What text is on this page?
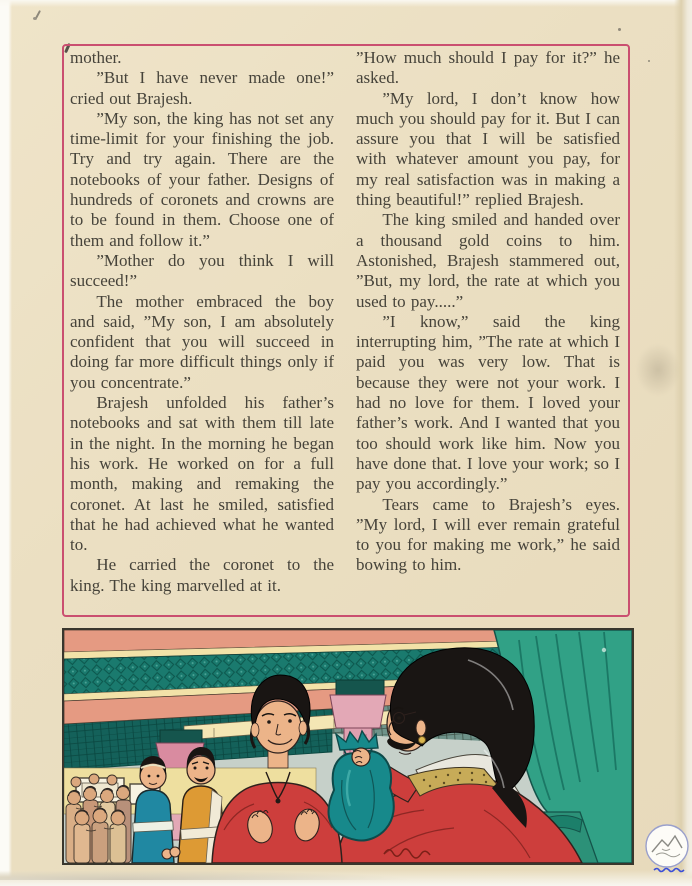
mother.

”But I have never made one!” cried out Brajesh.

”My son, the king has not set any time-limit for your finishing the job. Try and try again. There are the notebooks of your father. Designs of hundreds of coronets and crowns are to be found in them. Choose one of them and follow it.”

”Mother do you think I will succeed!”

The mother embraced the boy and said, ”My son, I am absolutely confident that you will succeed in doing far more difficult things only if you concentrate.”

Brajesh unfolded his father’s notebooks and sat with them till late in the night. In the morning he began his work. He worked on for a full month, making and remaking the coronet. At last he smiled, satisfied that he had achieved what he wanted to.

He carried the coronet to the king. The king marvelled at it.

”How much should I pay for it?” he asked.

”My lord, I don’t know how much you should pay for it. But I can assure you that I will be satisfied with whatever amount you pay, for my real satisfaction was in making a thing beautiful!” replied Brajesh.

The king smiled and handed over a thousand gold coins to him. Astonished, Brajesh stammered out, ”But, my lord, the rate at which you used to pay.....”

”I know,” said the king interrupting him, ”The rate at which I paid you was very low. That is because they were not your work. I had no love for them. I loved your father’s work. And I wanted that you too should work like him. Now you have done that. I love your work; so I pay you accordingly.”

Tears came to Brajesh’s eyes. ”My lord, I will ever remain grateful to you for making me work,” he said bowing to him.
